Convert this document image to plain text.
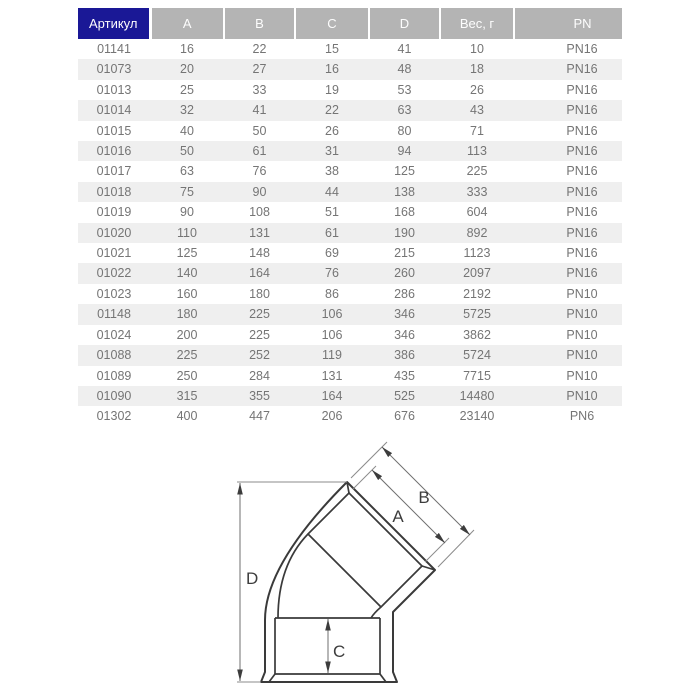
Артикул	A	B	C	D	Вес, г	PN
01141	16	22	15	41	10	PN16
01073	20	27	16	48	18	PN16
01013	25	33	19	53	26	PN16
01014	32	41	22	63	43	PN16
01015	40	50	26	80	71	PN16
01016	50	61	31	94	113	PN16
01017	63	76	38	125	225	PN16
01018	75	90	44	138	333	PN16
01019	90	108	51	168	604	PN16
01020	110	131	61	190	892	PN16
01021	125	148	69	215	1123	PN16
01022	140	164	76	260	2097	PN16
01023	160	180	86	286	2192	PN10
01148	180	225	106	346	5725	PN10
01024	200	225	106	346	3862	PN10
01088	225	252	119	386	5724	PN10
01089	250	284	131	435	7715	PN10
01090	315	355	164	525	14480	PN10
01302	400	447	206	676	23140	PN6
D
B
A
C
